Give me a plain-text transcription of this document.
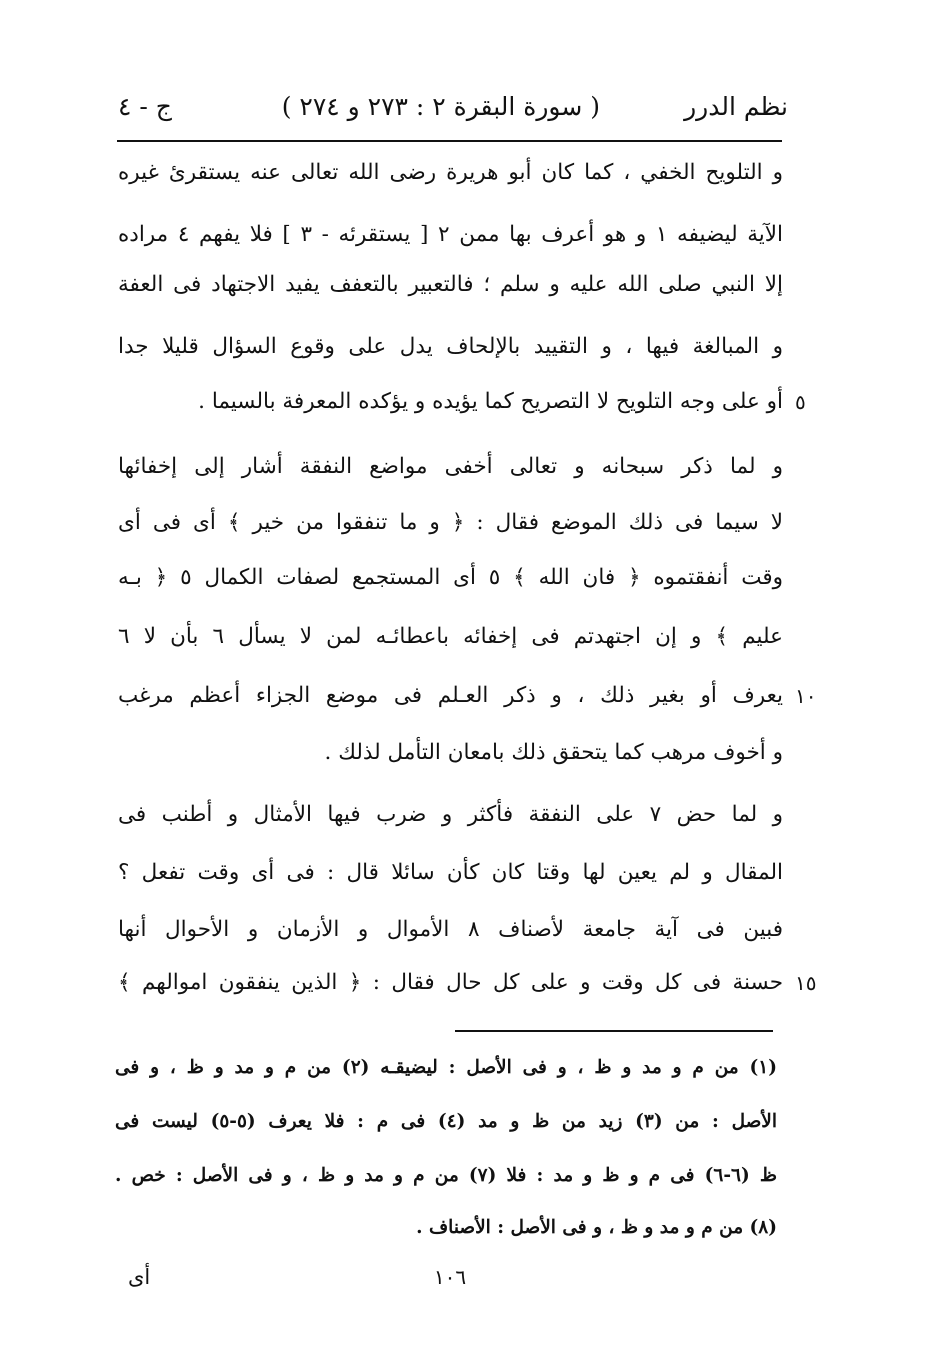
ج - ٤	( سورة البقرة ٢ : ٢٧٣ و ٢٧٤ )	نظم الدرر
و التلويح الخفي ، كما كان أبو هريرة رضى الله تعالى عنه يستقرئ غيره
الآية ليضيفه ١ و هو أعرف بها ممن ٢ [ يستقرئه - ٣ ] فلا يفهم ٤ مراده
إلا النبي صلى الله عليه و سلم ؛ فالتعبير بالتعفف يفيد الاجتهاد فى العفة
و المبالغة فيها ، و التقييد بالإلحاف يدل على وقوع السؤال قليلا جدا
أو على وجه التلويح لا التصريح كما يؤيده و يؤكده المعرفة بالسيما . ٥
و لما ذكر سبحانه و تعالى أخفى مواضع النفقة أشار إلى إخفائها
لا سيما فى ذلك الموضع فقال : ﴿ و ما تنفقوا من خير ﴾ أى فى أى
وقت أنفقتموه ﴿ فان الله ﴾ ٥ أى المستجمع لصفات الكمال ٥ ﴿ بـه
عليم ﴾ و إن اجتهدتم فى إخفائه باعطائـه لمن لا يسأل ٦ بأن لا ٦
يعرف أو بغير ذلك ، و ذكر العـلم فى موضع الجزاء أعظم مرغب ١٠
و أخوف مرهب كما يتحقق ذلك بامعان التأمل لذلك .
و لما حض ٧ على النفقة فأكثر و ضرب فيها الأمثال و أطنب فى
المقال و لم يعين لها وقتا كان كأن سائلا قال : فى أى وقت تفعل ؟
فبين فى آية جامعة لأصناف ٨ الأموال و الأزمان و الأحوال أنها
حسنة فى كل وقت و على كل حال فقال : ﴿ الذين ينفقون اموالهم ﴾ ١٥
(١) من م و مد و ظ ، و فى الأصل : ليضيقـه (٢) من م و مد و ظ ، و فى
الأصل : من (٣) زيد من ظ و مد (٤) فى م : فلا يعرف (٥-٥) ليست فى
ظ (٦-٦) فى م و ظ و مد : فلا (٧) من م و مد و ظ ، و فى الأصل : خص .
(٨) من م و مد و ظ ، و فى الأصل : الأصناف .
١٠٦
أى
